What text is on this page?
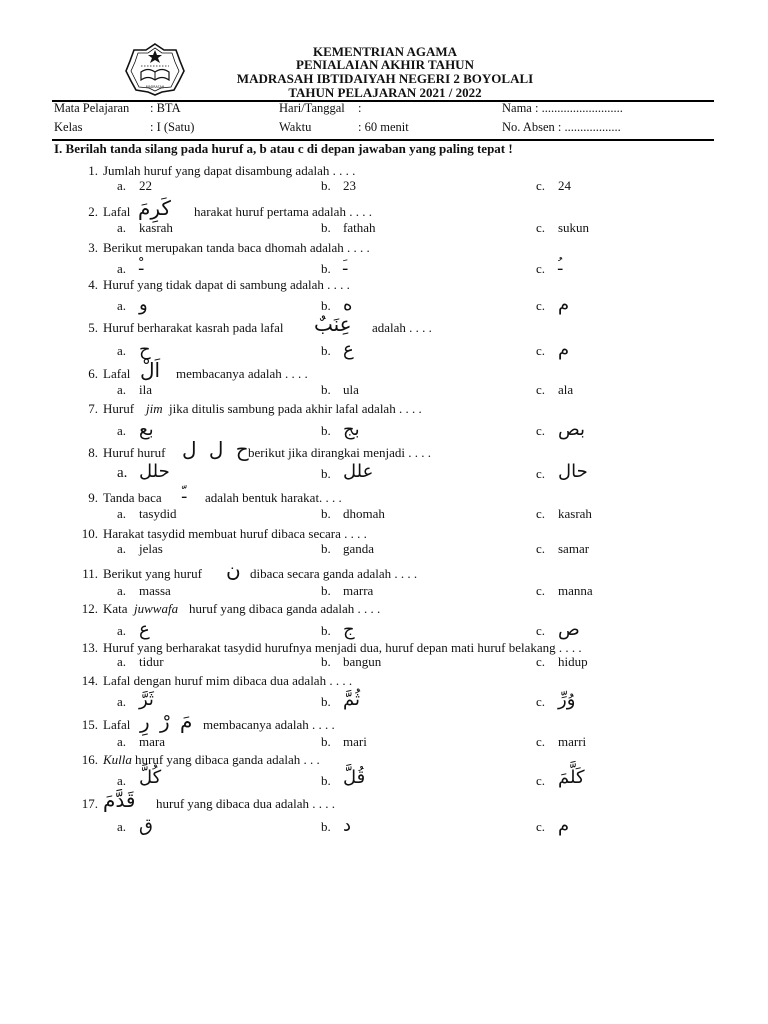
MADRASAH
KEMENTRIAN AGAMA
PENIALAIAN AKHIR TAHUN
MADRASAH IBTIDAIYAH NEGERI 2 BOYOLALI
TAHUN PELAJARAN 2021 / 2022
Mata Pelajaran : BTA	Hari/Tanggal :	Nama : ..........................
Kelas	: I (Satu)	Waktu	: 60 menit	No. Absen : ..................
I. Berilah tanda silang pada huruf a, b atau c di depan jawaban yang paling tepat !
1. Jumlah huruf yang dapat disambung adalah . . . .
a. 22	b. 23	c. 24
2. Lafal كَرِمَ harakat huruf pertama adalah . . . .
a. kasrah	b. fathah	c. sukun
3. Berikut merupakan tanda baca dhomah adalah . . . .
a. ـْ	b. ـَ	c. ـُ
4. Huruf yang tidak dapat di sambung adalah . . . .
a. و	b. ه	c. م
5. Huruf berharakat kasrah pada lafal عِنَبٌ adalah . . . .
a. ح	b. ع	c. م
6. Lafal اَلْ membacanya adalah . . . .
a. ila	b. ula	c. ala
7. Huruf jim jika ditulis sambung pada akhir lafal adalah . . . .
a. بع	b. بج	c. بص
8. Huruf huruf ح ل ل berikut jika dirangkai menjadi . . . .
a. حلل	b. علل	c. حال
9. Tanda baca ـّ adalah bentuk harakat. . . .
a. tasydid	b. dhomah	c. kasrah
10. Harakat tasydid membuat huruf dibaca secara . . . .
a. jelas	b. ganda	c. samar
11. Berikut yang huruf ن dibaca secara ganda adalah . . . .
a. massa	b. marra	c. manna
12. Kata juwwafa huruf yang dibaca ganda adalah . . . .
a. ع	b. ج	c. ص
13. Huruf yang berharakat tasydid hurufnya menjadi dua, huruf depan mati huruf belakang . . . .
a. tidur	b. bangun	c. hidup
14. Lafal dengan huruf mim dibaca dua adalah . . . .
a. ثَرَّ	b. ثُمَّ	c. وُرِّ
15. Lafal مَ رْ رِ membacanya adalah . . . .
a. mara	b. mari	c. marri
16. Kulla huruf yang dibaca ganda adalah . . .
a. كُلَّ	b. قُلَّ	c. كَلَّمَ
17. قَدَّمَ huruf yang dibaca dua adalah . . . .
a. ق	b. د	c. م
